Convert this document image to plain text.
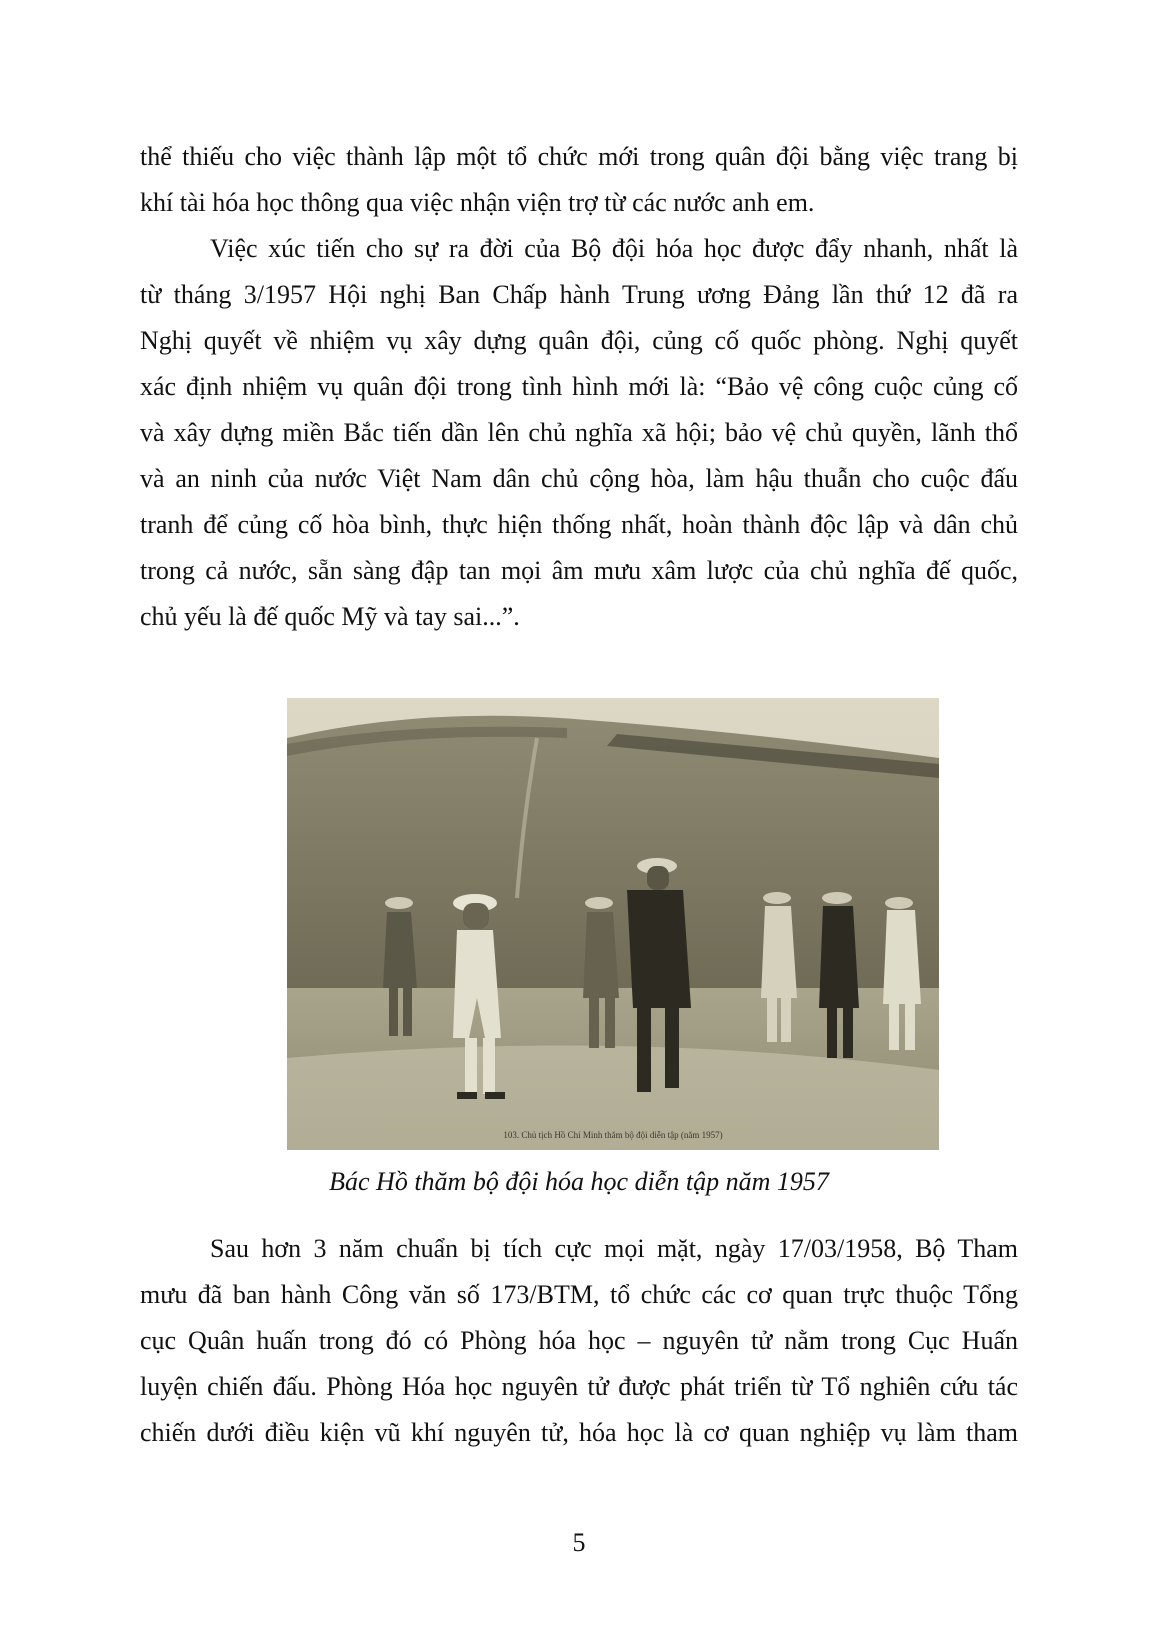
thể thiếu cho việc thành lập một tổ chức mới trong quân đội bằng việc trang bị
khí tài hóa học thông qua việc nhận viện trợ từ các nước anh em.

Việc xúc tiến cho sự ra đời của Bộ đội hóa học được đẩy nhanh, nhất là
từ tháng 3/1957 Hội nghị Ban Chấp hành Trung ương Đảng lần thứ 12 đã ra
Nghị quyết về nhiệm vụ xây dựng quân đội, củng cố quốc phòng. Nghị quyết
xác định nhiệm vụ quân đội trong tình hình mới là: “Bảo vệ công cuộc củng cố
và xây dựng miền Bắc tiến dần lên chủ nghĩa xã hội; bảo vệ chủ quyền, lãnh thổ
và an ninh của nước Việt Nam dân chủ cộng hòa, làm hậu thuẫn cho cuộc đấu
tranh để củng cố hòa bình, thực hiện thống nhất, hoàn thành độc lập và dân chủ
trong cả nước, sẵn sàng đập tan mọi âm mưu xâm lược của chủ nghĩa đế quốc,
chủ yếu là đế quốc Mỹ và tay sai...”.

103. Chủ tịch Hồ Chí Minh thăm bộ đội diễn tập (năm 1957)
Bác Hồ thăm bộ đội hóa học diễn tập năm 1957

Sau hơn 3 năm chuẩn bị tích cực mọi mặt, ngày 17/03/1958, Bộ Tham
mưu đã ban hành Công văn số 173/BTM, tổ chức các cơ quan trực thuộc Tổng
cục Quân huấn trong đó có Phòng hóa học – nguyên tử nằm trong Cục Huấn
luyện chiến đấu. Phòng Hóa học nguyên tử được phát triển từ Tổ nghiên cứu tác
chiến dưới điều kiện vũ khí nguyên tử, hóa học là cơ quan nghiệp vụ làm tham

5
